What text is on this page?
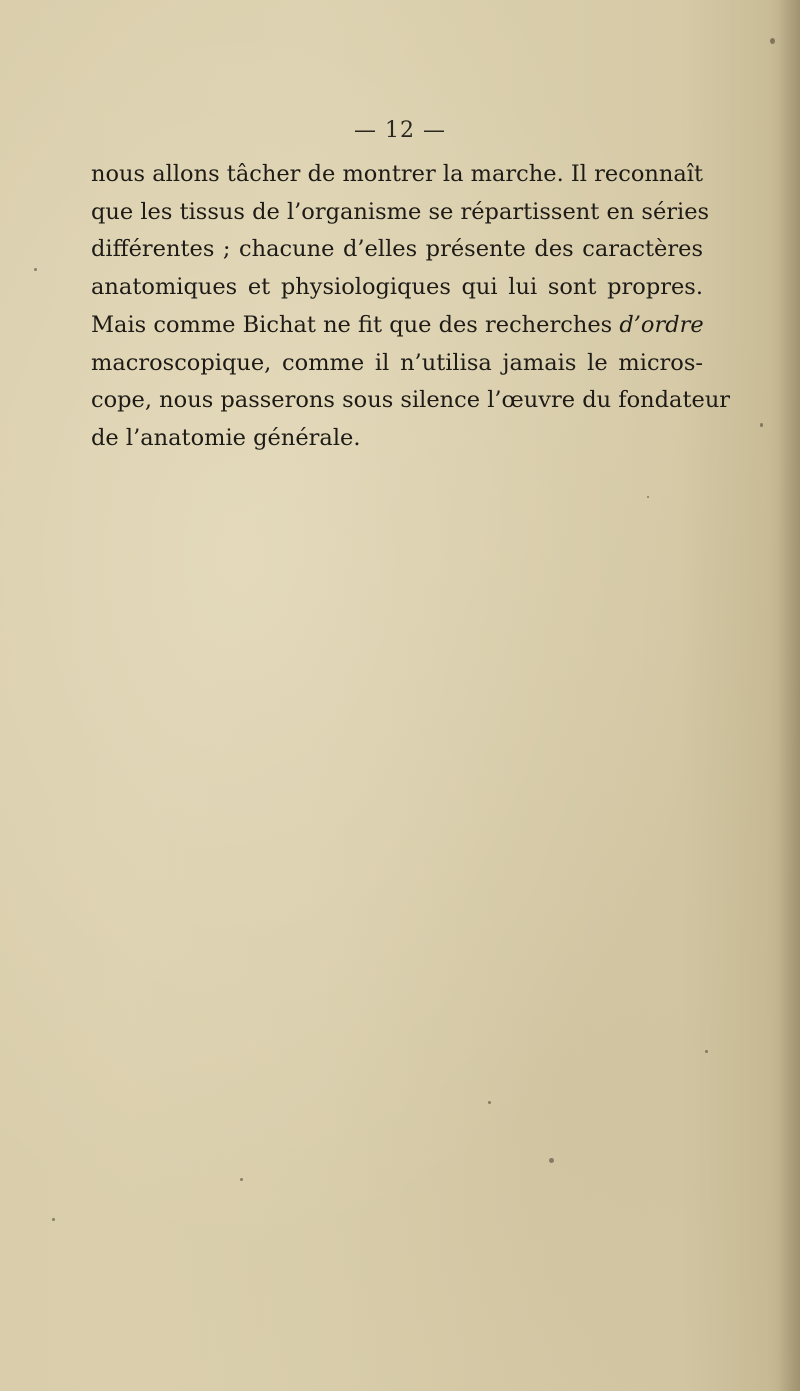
— 12 —
nous allons tâcher de montrer la marche. Il reconnaît
que les tissus de l’organisme se répartissent en séries
différentes ; chacune d’elles présente des caractères
anatomiques et physiologiques qui lui sont propres.
Mais comme Bichat ne fit que des recherches d’ordre
macroscopique, comme il n’utilisa jamais le micros-
cope, nous passerons sous silence l’œuvre du fondateur
de l’anatomie générale.
